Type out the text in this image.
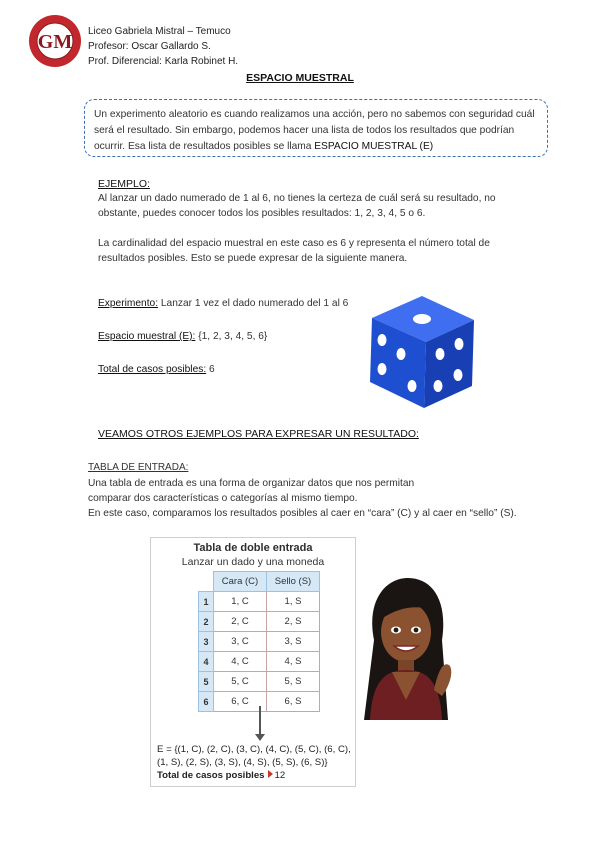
GM Liceo Gabriela Mistral – Temuco
Profesor: Oscar Gallardo S.
Prof. Diferencial: Karla Robinet H.
ESPACIO MUESTRAL
Un experimento aleatorio es cuando realizamos una acción, pero no sabemos con seguridad cuál será el resultado. Sin embargo, podemos hacer una lista de todos los resultados que podrían ocurrir. Esa lista de resultados posibles se llama ESPACIO MUESTRAL (E)
EJEMPLO:
Al lanzar un dado numerado de 1 al 6, no tienes la certeza de cuál será su resultado, no obstante, puedes conocer todos los posibles resultados: 1, 2, 3, 4, 5 o 6.
La cardinalidad del espacio muestral en este caso es 6 y representa el número total de resultados posibles. Esto se puede expresar de la siguiente manera.
Experimento: Lanzar 1 vez el dado numerado del 1 al 6
Espacio muestral (E): {1, 2, 3, 4, 5, 6}
Total de casos posibles: 6
VEAMOS OTROS EJEMPLOS PARA EXPRESAR UN RESULTADO:
TABLA DE ENTRADA:
Una tabla de entrada es una forma de organizar datos que nos permitan
comparar dos características o categorías al mismo tiempo.
En este caso, comparamos los resultados posibles al caer en “cara” (C) y al caer en “sello” (S).
Tabla de doble entrada
Lanzar un dado y una moneda
	Cara (C)	Sello (S)
1	1, C	1, S
2	2, C	2, S
3	3, C	3, S
4	4, C	4, S
5	5, C	5, S
6	6, C	6, S
E = {(1, C), (2, C), (3, C), (4, C), (5, C), (6, C),
(1, S), (2, S), (3, S), (4, S), (5, S), (6, S)}
Total de casos posibles 12
